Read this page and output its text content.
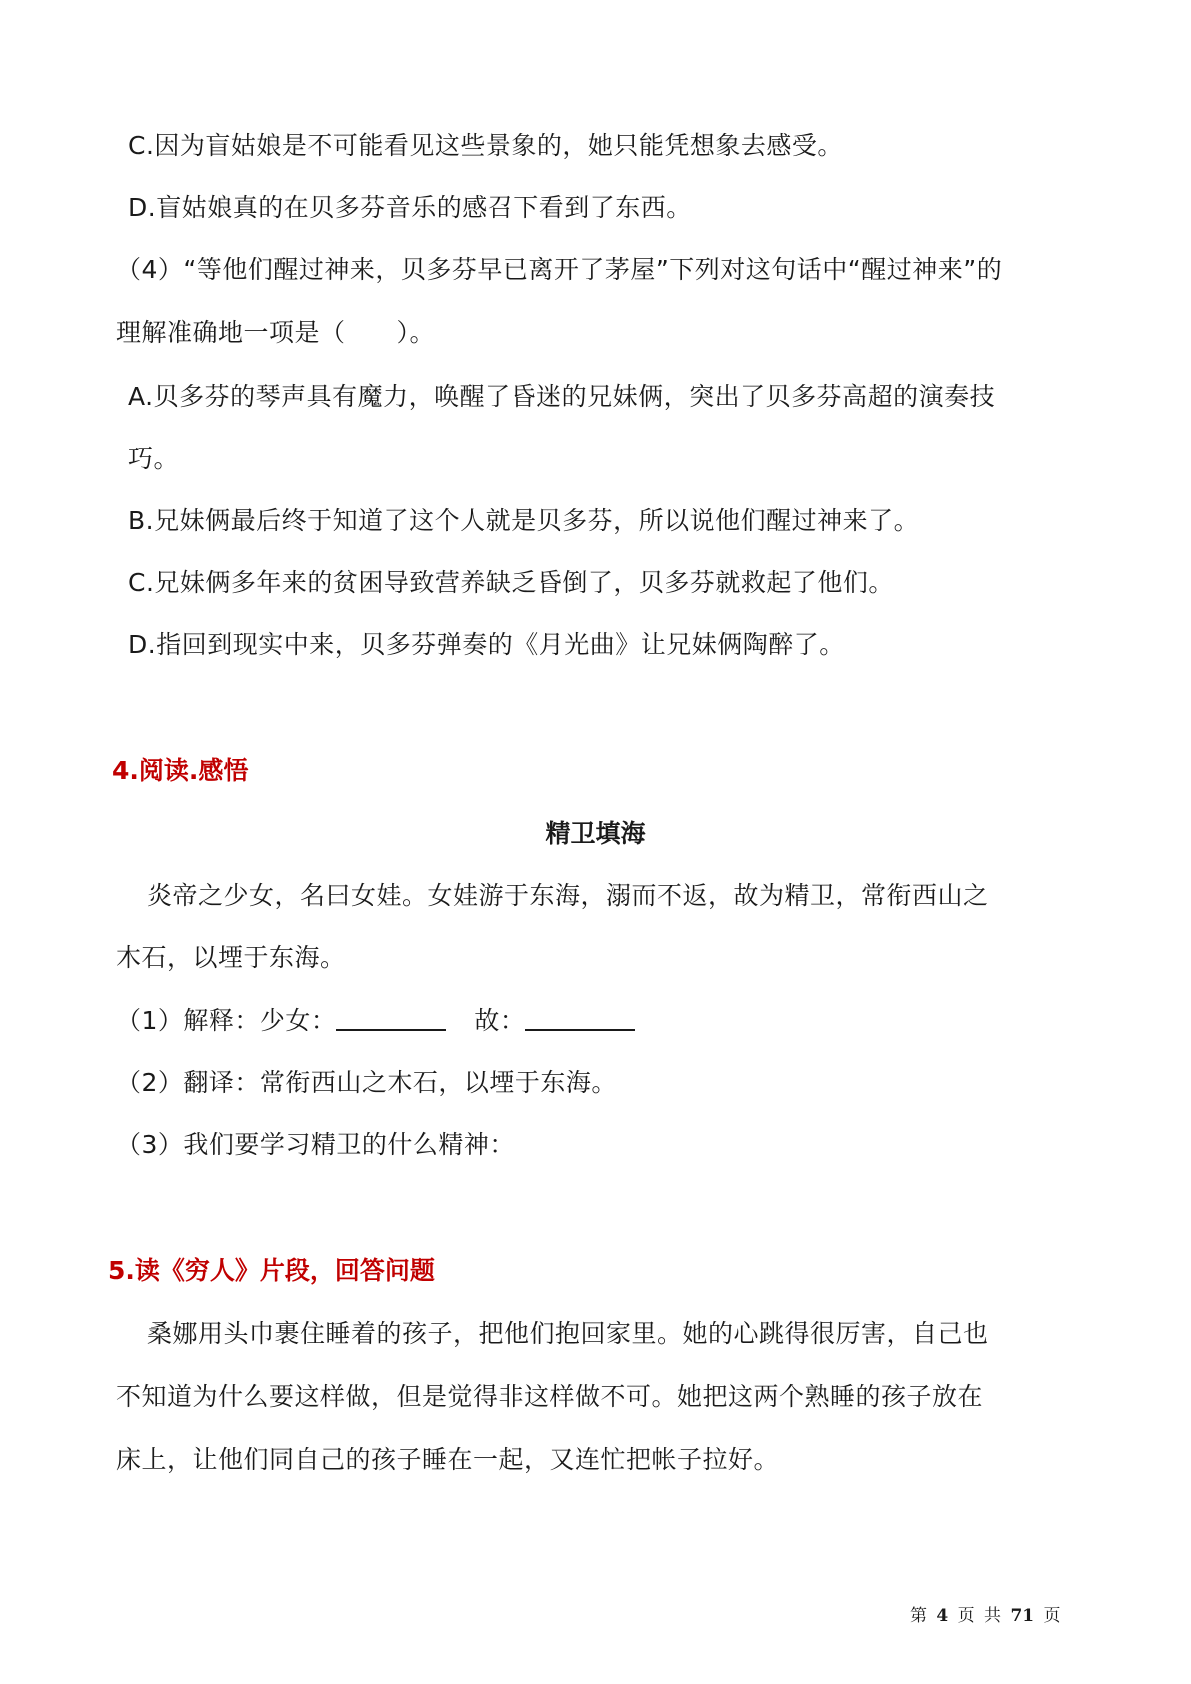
C.因为盲姑娘是不可能看见这些景象的，她只能凭想象去感受。
D.盲姑娘真的在贝多芬音乐的感召下看到了东西。
（4）“等他们醒过神来，贝多芬早已离开了茅屋”下列对这句话中“醒过神来”的
理解准确地一项是（　　）。
A.贝多芬的琴声具有魔力，唤醒了昏迷的兄妹俩，突出了贝多芬高超的演奏技
巧。
B.兄妹俩最后终于知道了这个人就是贝多芬，所以说他们醒过神来了。
C.兄妹俩多年来的贫困导致营养缺乏昏倒了，贝多芬就救起了他们。
D.指回到现实中来，贝多芬弹奏的《月光曲》让兄妹俩陶醉了。
4.阅读.感悟
精卫填海
炎帝之少女，名曰女娃。女娃游于东海，溺而不返，故为精卫，常衔西山之
木石，以堙于东海。
（1）解释：少女：	故：
（2）翻译：常衔西山之木石，以堙于东海。
（3）我们要学习精卫的什么精神：
5.读《穷人》片段，回答问题
桑娜用头巾裹住睡着的孩子，把他们抱回家里。她的心跳得很厉害，自己也
不知道为什么要这样做，但是觉得非这样做不可。她把这两个熟睡的孩子放在
床上，让他们同自己的孩子睡在一起，又连忙把帐子拉好。
第 4 页 共 71 页
